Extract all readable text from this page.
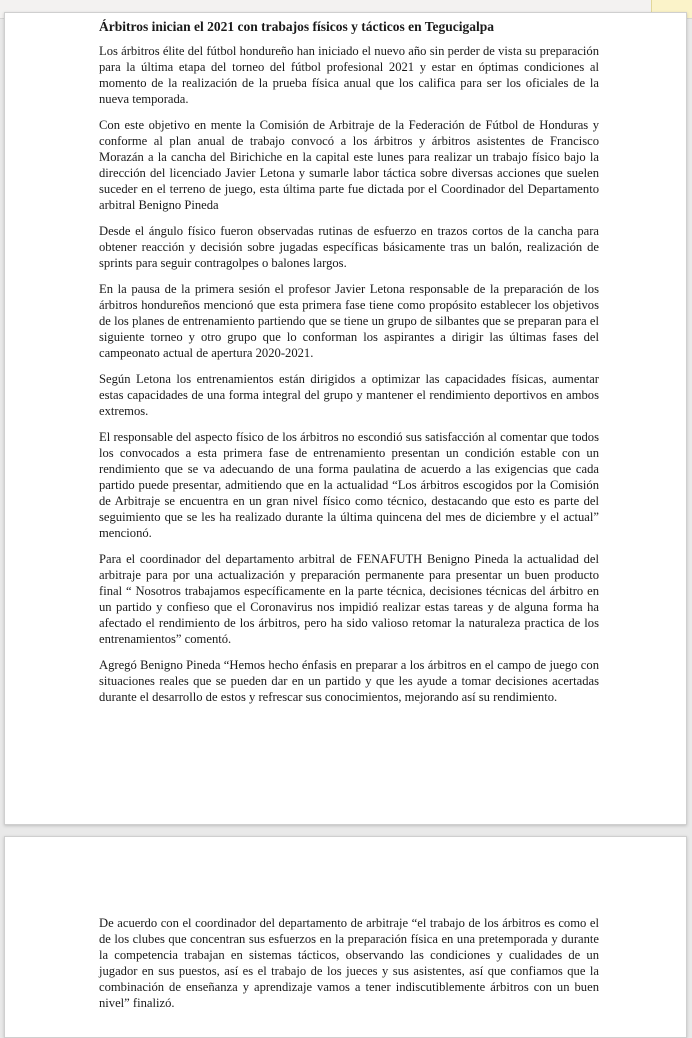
Árbitros inician el 2021 con trabajos físicos y tácticos en Tegucigalpa

Los árbitros élite del fútbol hondureño han iniciado el nuevo año sin perder de vista su preparación para la última etapa del torneo del fútbol profesional 2021 y estar en óptimas condiciones al momento de la realización de la prueba física anual que los califica para ser los oficiales de la nueva temporada.

Con este objetivo en mente la Comisión de Arbitraje de la Federación de Fútbol de Honduras y conforme al plan anual de trabajo convocó a los árbitros y árbitros asistentes de Francisco Morazán a la cancha del Birichiche en la capital este lunes para realizar un trabajo físico bajo la dirección del licenciado Javier Letona y sumarle labor táctica sobre diversas acciones que suelen suceder en el terreno de juego, esta última parte fue dictada por el Coordinador del Departamento arbitral Benigno Pineda

Desde el ángulo físico fueron observadas rutinas de esfuerzo en trazos cortos de la cancha para obtener reacción y decisión sobre jugadas específicas básicamente tras un balón, realización de sprints para seguir contragolpes o balones largos.

En la pausa de la primera sesión el profesor Javier Letona responsable de la preparación de los árbitros hondureños mencionó que esta primera fase tiene como propósito establecer los objetivos de los planes de entrenamiento partiendo que se tiene un grupo de silbantes que se preparan para el siguiente torneo y otro grupo que lo conforman los aspirantes a dirigir las últimas fases del campeonato actual de apertura 2020-2021.

Según Letona los entrenamientos están dirigidos a optimizar las capacidades físicas, aumentar estas capacidades de una forma integral del grupo y mantener el rendimiento deportivos en ambos extremos.

El responsable del aspecto físico de los árbitros no escondió sus satisfacción al comentar que todos los convocados a esta primera fase de entrenamiento presentan un condición estable con un rendimiento que se va adecuando de una forma paulatina de acuerdo a las exigencias que cada partido puede presentar, admitiendo que en la actualidad “Los árbitros escogidos por la Comisión de Arbitraje se encuentra en un gran nivel físico como técnico, destacando que esto es parte del seguimiento que se les ha realizado durante la última quincena del mes de diciembre y el actual” mencionó.

Para el coordinador del departamento arbitral de FENAFUTH Benigno Pineda la actualidad del arbitraje para por una actualización y preparación permanente para presentar un buen producto final “ Nosotros trabajamos específicamente en la parte técnica, decisiones técnicas del árbitro en un partido y confieso que el Coronavirus nos impidió realizar estas tareas y de alguna forma ha afectado el rendimiento de los árbitros, pero ha sido valioso retomar la naturaleza practica de los entrenamientos” comentó.

Agregó Benigno Pineda “Hemos hecho énfasis en preparar a los árbitros en el campo de juego con situaciones reales que se pueden dar en un partido y que les ayude a tomar decisiones acertadas durante el desarrollo de estos y refrescar sus conocimientos, mejorando así su rendimiento.

De acuerdo con el coordinador del departamento de arbitraje “el trabajo de los árbitros es como el de los clubes que concentran sus esfuerzos en la preparación física en una pretemporada y durante la competencia trabajan en sistemas tácticos, observando las condiciones y cualidades de un jugador en sus puestos, así es el trabajo de los jueces y sus asistentes, así que confiamos que la combinación de enseñanza y aprendizaje vamos a tener indiscutiblemente árbitros con un buen nivel” finalizó.
